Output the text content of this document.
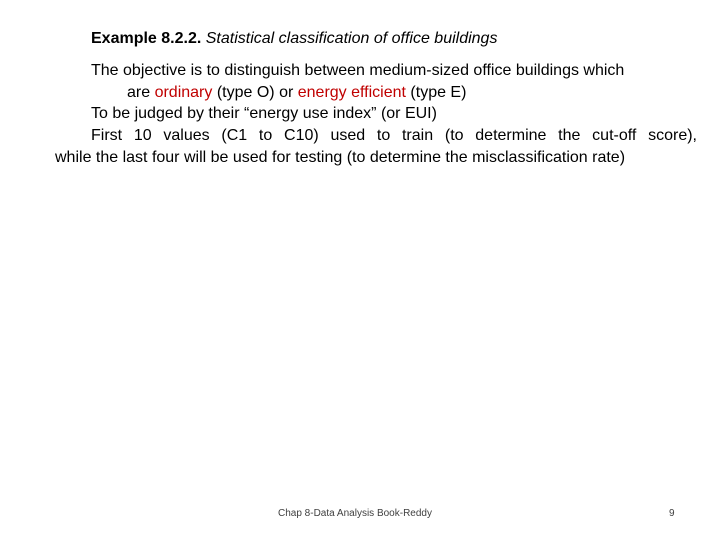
Example 8.2.2. Statistical classification of office buildings
The objective is to distinguish between medium-sized office buildings which
are ordinary (type O) or energy efficient (type E)
To be judged by their “energy use index” (or EUI)
First 10 values (C1 to C10) used to train (to determine the cut-off score),
while the last four will be used for testing (to determine the misclassification rate)
Chap 8-Data Analysis Book-Reddy	9
